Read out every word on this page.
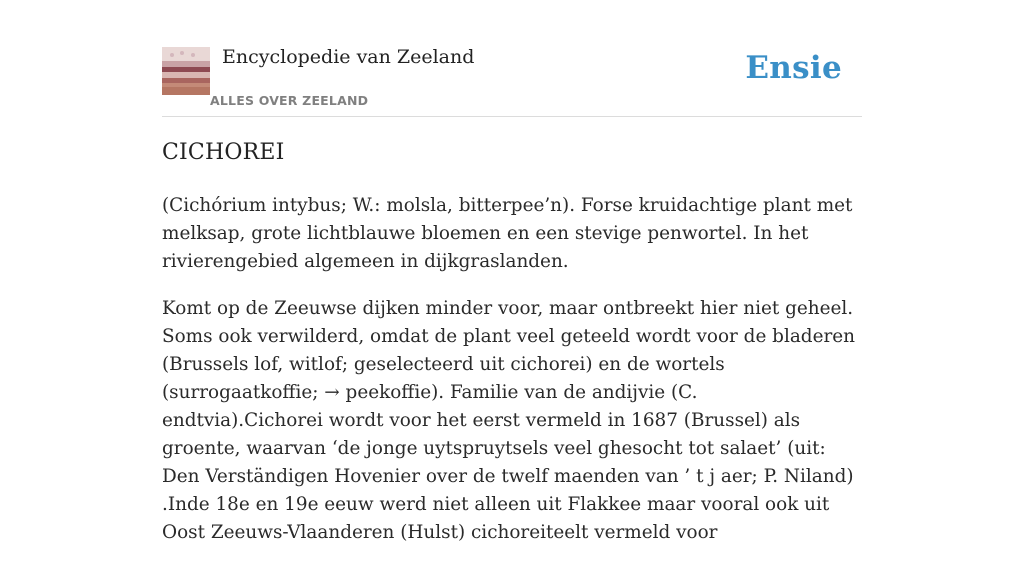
Encyclopedie van Zeeland
ALLES OVER ZEELAND
Ensie
CICHOREI

(Cichórium intybus; W.: molsla, bitterpee’n). Forse kruidachtige plant met melksap, grote lichtblauwe bloemen en een stevige penwortel. In het rivierengebied algemeen in dijkgraslanden.

Komt op de Zeeuwse dijken minder voor, maar ontbreekt hier niet geheel. Soms ook verwilderd, omdat de plant veel geteeld wordt voor de bladeren (Brussels lof, witlof; geselecteerd uit cichorei) en de wortels (surrogaatkoffie; → peekoffie). Familie van de andijvie (C. endtvia).Cichorei wordt voor het eerst vermeld in 1687 (Brussel) als groente, waarvan ‘de jonge uytspruytsels veel ghesocht tot salaet’ (uit: Den Verständigen Hovenier over de twelf maenden van ’ t j aer; P. Niland) .Inde 18e en 19e eeuw werd niet alleen uit Flakkee maar vooral ook uit Oost Zeeuws-Vlaanderen (Hulst) cichoreiteelt vermeld voor
